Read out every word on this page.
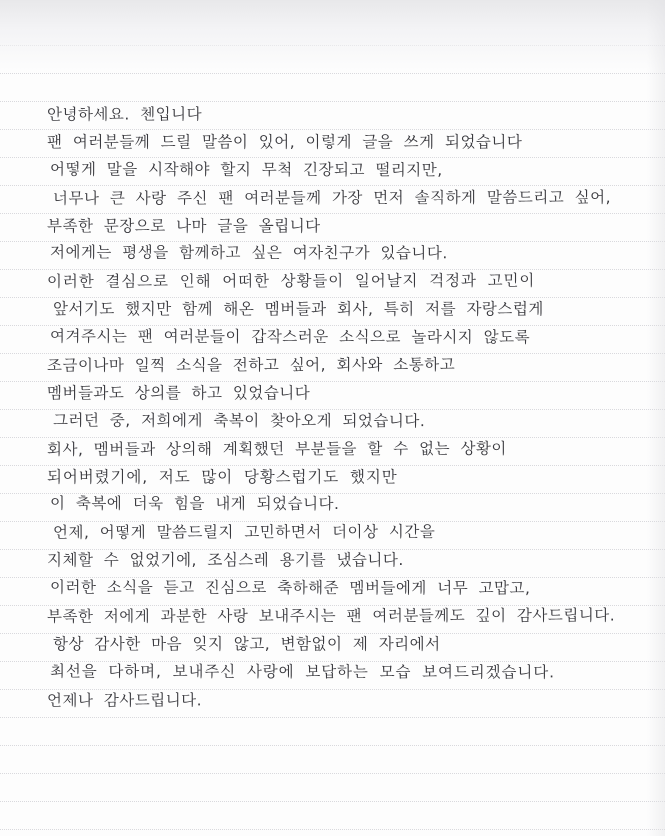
안녕하세요. 첸입니다
팬 여러분들께 드릴 말씀이 있어, 이렇게 글을 쓰게 되었습니다
어떻게 말을 시작해야 할지 무척 긴장되고 떨리지만,
너무나 큰 사랑 주신 팬 여러분들께 가장 먼저 솔직하게 말씀드리고 싶어,
부족한 문장으로 나마 글을 올립니다
저에게는 평생을 함께하고 싶은 여자친구가 있습니다.
이러한 결심으로 인해 어떠한 상황들이 일어날지 걱정과 고민이
앞서기도 했지만 함께 해온 멤버들과 회사, 특히 저를 자랑스럽게
여겨주시는 팬 여러분들이 갑작스러운 소식으로 놀라시지 않도록
조금이나마 일찍 소식을 전하고 싶어, 회사와 소통하고
멤버들과도 상의를 하고 있었습니다
그러던 중, 저희에게 축복이 찾아오게 되었습니다.
회사, 멤버들과 상의해 계획했던 부분들을 할 수 없는 상황이
되어버렸기에, 저도 많이 당황스럽기도 했지만
이 축복에 더욱 힘을 내게 되었습니다.
언제, 어떻게 말씀드릴지 고민하면서 더이상 시간을
지체할 수 없었기에, 조심스레 용기를 냈습니다.
이러한 소식을 듣고 진심으로 축하해준 멤버들에게 너무 고맙고,
부족한 저에게 과분한 사랑 보내주시는 팬 여러분들께도 깊이 감사드립니다.
항상 감사한 마음 잊지 않고, 변함없이 제 자리에서
최선을 다하며, 보내주신 사랑에 보답하는 모습 보여드리겠습니다.
언제나 감사드립니다.
